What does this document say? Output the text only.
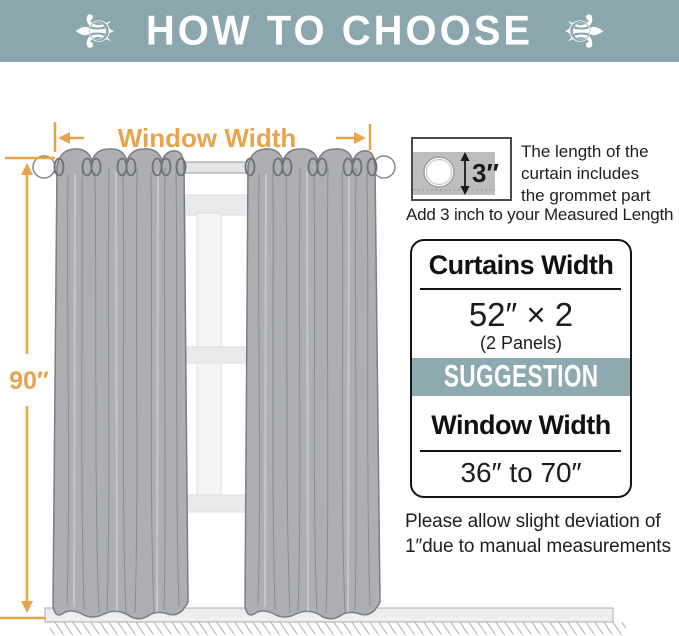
⚜ HOW TO CHOOSE ⚜
Window Width
90″
3″
The length of the
curtain includes
the grommet part
Add 3 inch to your Measured Length
Curtains Width
52″ × 2
(2 Panels)
SUGGESTION
Window Width
36″ to 70″
Please allow slight deviation of
1″due to manual measurements
